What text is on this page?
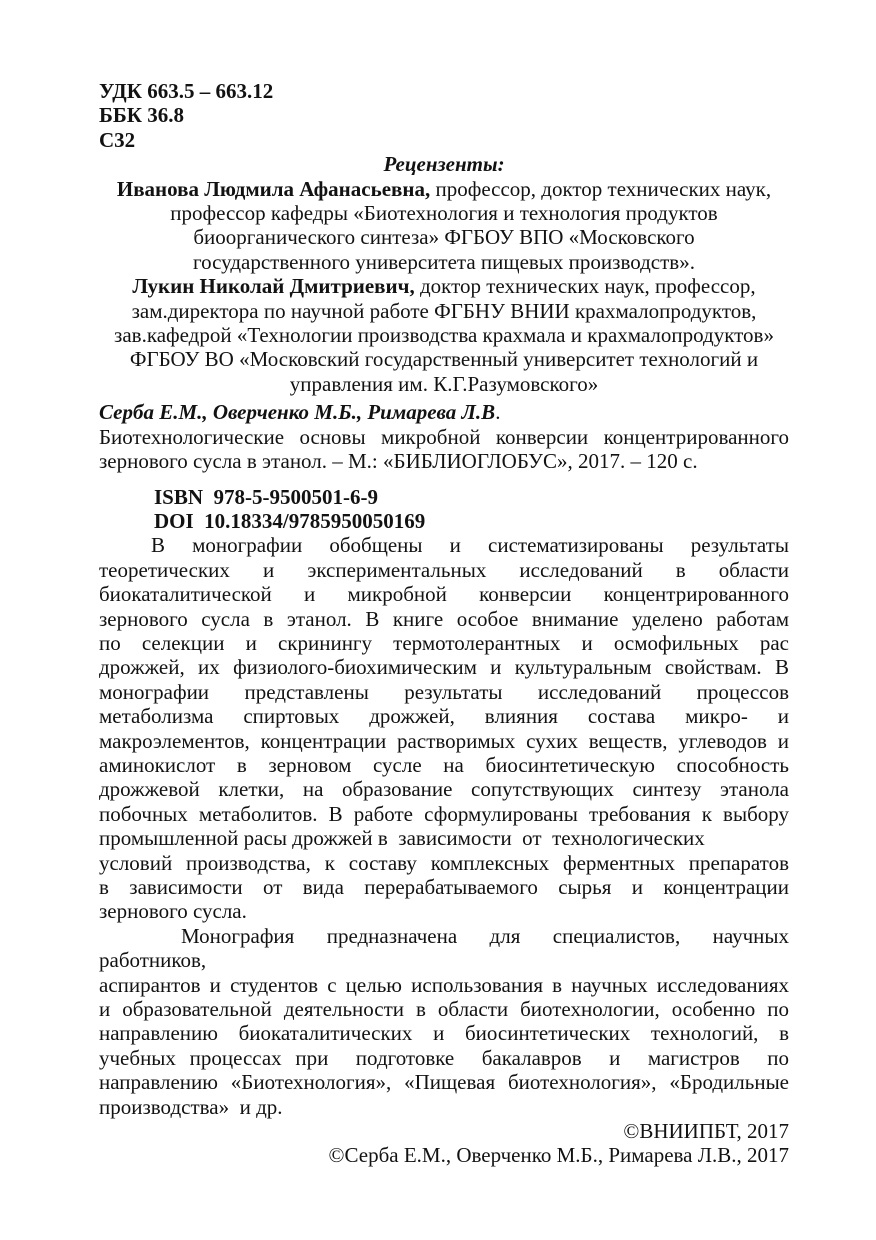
УДК 663.5 – 663.12
ББК 36.8
С32
Рецензенты:
Иванова Людмила Афанасьевна, профессор, доктор технических наук,
профессор кафедры «Биотехнология и технология продуктов
биоорганического синтеза» ФГБОУ ВПО «Московского
государственного университета пищевых производств».
Лукин Николай Дмитриевич, доктор технических наук, профессор,
зам.директора по научной работе ФГБНУ ВНИИ крахмалопродуктов,
зав.кафедрой «Технологии производства крахмала и крахмалопродуктов»
ФГБОУ ВО «Московский государственный университет технологий и
управления им. К.Г.Разумовского»
Серба Е.М., Оверченко М.Б., Римарева Л.В.
Биотехнологические основы микробной конверсии концентрированного
зернового сусла в этанол. – М.: «БИБЛИОГЛОБУС», 2017. – 120 с.
ISBN  978-5-9500501-6-9
DOI  10.18334/9785950050169
В монографии обобщены и систематизированы результаты
теоретических и экспериментальных исследований в области
биокаталитической и микробной конверсии концентрированного
зернового сусла в этанол. В книге особое внимание уделено работам
по селекции и скринингу термотолерантных и осмофильных рас
дрожжей, их физиолого-биохимическим и культуральным свойствам. В
монографии представлены результаты исследований процессов
метаболизма спиртовых дрожжей, влияния состава микро- и
макроэлементов, концентрации растворимых сухих веществ, углеводов и
аминокислот в зерновом сусле на биосинтетическую способность
дрожжевой клетки, на образование сопутствующих синтезу этанола
побочных метаболитов. В работе сформулированы требования к выбору
промышленной расы дрожжей в  зависимости  от  технологических
условий производства, к составу комплексных ферментных препаратов
в зависимости от вида перерабатываемого сырья и концентрации
зернового сусла.
Монография предназначена для специалистов, научных работников,
аспирантов и студентов с целью использования в научных исследованиях
и образовательной деятельности в области биотехнологии, особенно по
направлению биокаталитических и биосинтетических технологий, в
учебных процессах при  подготовке  бакалавров  и  магистров  по
направлению «Биотехнология», «Пищевая биотехнология», «Бродильные
производства»  и др.
©ВНИИПБТ, 2017
©Серба Е.М., Оверченко М.Б., Римарева Л.В., 2017
